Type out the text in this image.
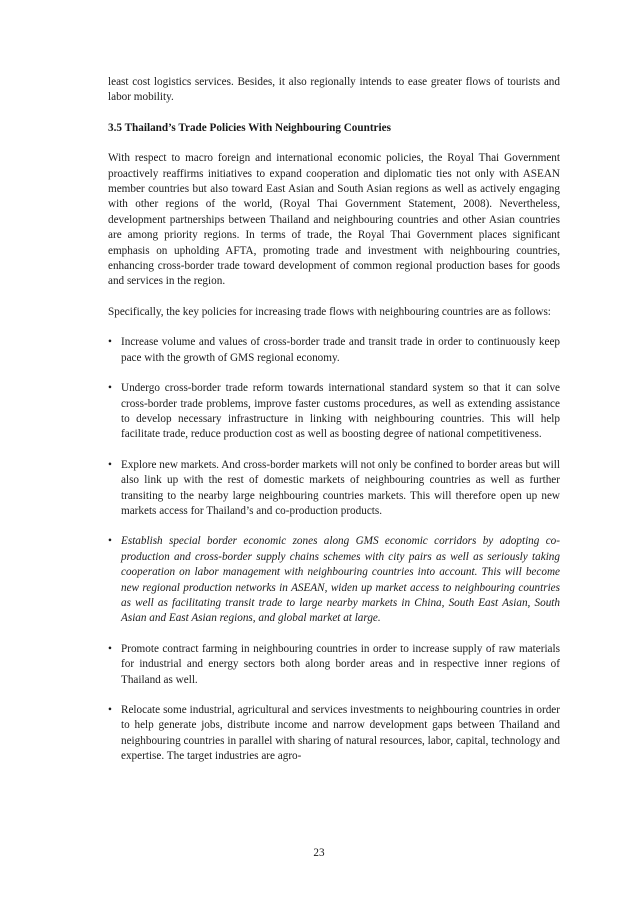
least cost logistics services. Besides, it also regionally intends to ease greater flows of tourists and labor mobility.

3.5 Thailand’s Trade Policies With Neighbouring Countries

With respect to macro foreign and international economic policies, the Royal Thai Government proactively reaffirms initiatives to expand cooperation and diplomatic ties not only with ASEAN member countries but also toward East Asian and South Asian regions as well as actively engaging with other regions of the world, (Royal Thai Government Statement, 2008). Nevertheless, development partnerships between Thailand and neighbouring countries and other Asian countries are among priority regions. In terms of trade, the Royal Thai Government places significant emphasis on upholding AFTA, promoting trade and investment with neighbouring countries, enhancing cross-border trade toward development of common regional production bases for goods and services in the region.

Specifically, the key policies for increasing trade flows with neighbouring countries are as follows:

• Increase volume and values of cross-border trade and transit trade in order to continuously keep pace with the growth of GMS regional economy.
• Undergo cross-border trade reform towards international standard system so that it can solve cross-border trade problems, improve faster customs procedures, as well as extending assistance to develop necessary infrastructure in linking with neighbouring countries. This will help facilitate trade, reduce production cost as well as boosting degree of national competitiveness.
• Explore new markets. And cross-border markets will not only be confined to border areas but will also link up with the rest of domestic markets of neighbouring countries as well as further transiting to the nearby large neighbouring countries markets. This will therefore open up new markets access for Thailand’s and co-production products.
• Establish special border economic zones along GMS economic corridors by adopting co-production and cross-border supply chains schemes with city pairs as well as seriously taking cooperation on labor management with neighbouring countries into account. This will become new regional production networks in ASEAN, widen up market access to neighbouring countries as well as facilitating transit trade to large nearby markets in China, South East Asian, South Asian and East Asian regions, and global market at large.
• Promote contract farming in neighbouring countries in order to increase supply of raw materials for industrial and energy sectors both along border areas and in respective inner regions of Thailand as well.
• Relocate some industrial, agricultural and services investments to neighbouring countries in order to help generate jobs, distribute income and narrow development gaps between Thailand and neighbouring countries in parallel with sharing of natural resources, labor, capital, technology and expertise. The target industries are agro-
23
